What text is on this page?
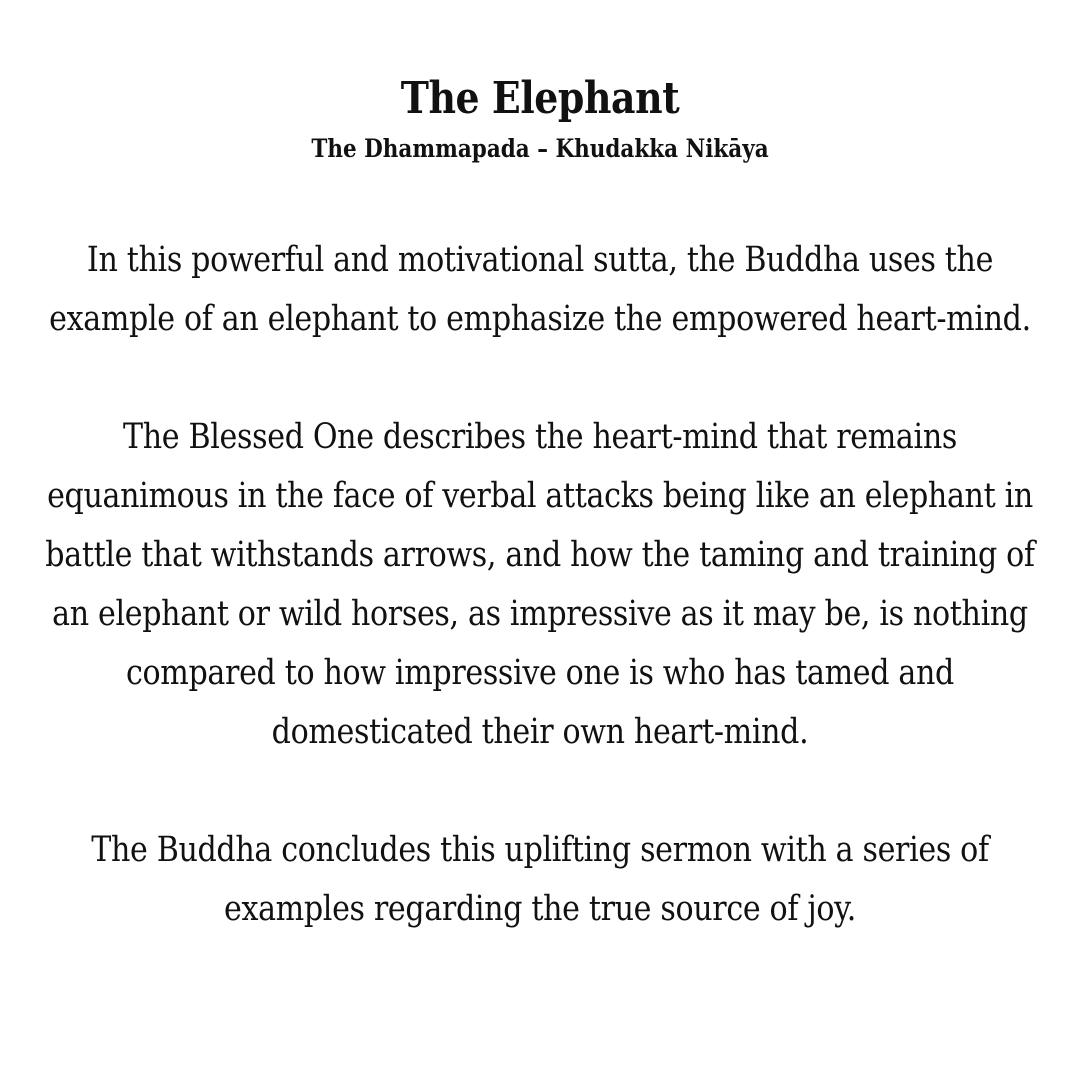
The Elephant
The Dhammapada – Khudakka Nikāya

In this powerful and motivational sutta, the Buddha uses the example of an elephant to emphasize the empowered heart-mind.

The Blessed One describes the heart-mind that remains equanimous in the face of verbal attacks being like an elephant in battle that withstands arrows, and how the taming and training of an elephant or wild horses, as impressive as it may be, is nothing compared to how impressive one is who has tamed and domesticated their own heart-mind.

The Buddha concludes this uplifting sermon with a series of examples regarding the true source of joy.
